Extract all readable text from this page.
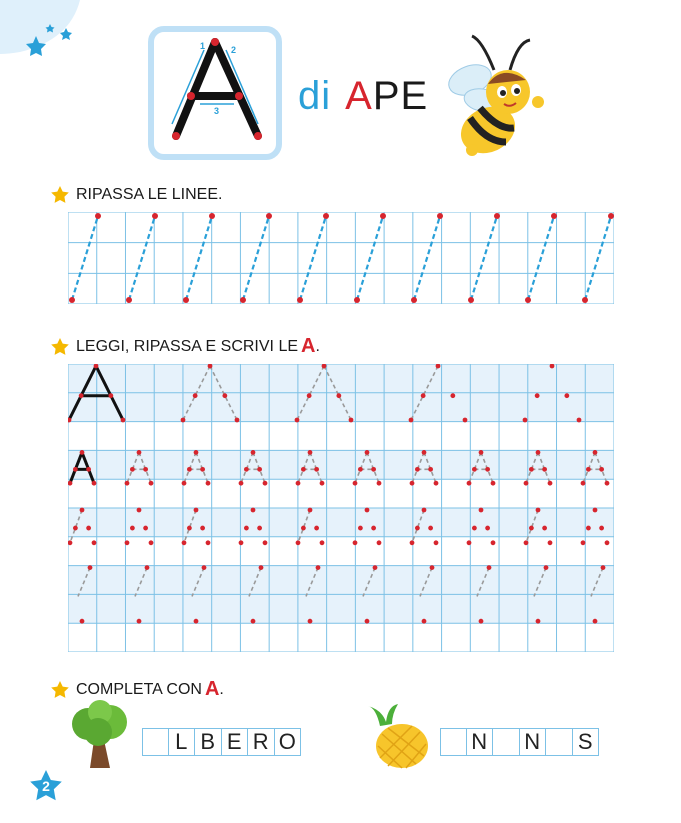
1	2
3 di APE
RIPASSA LE LINEE.
LEGGI, RIPASSA E SCRIVI LE A .
COMPLETA CON A .
L B E R O	N N S
2
